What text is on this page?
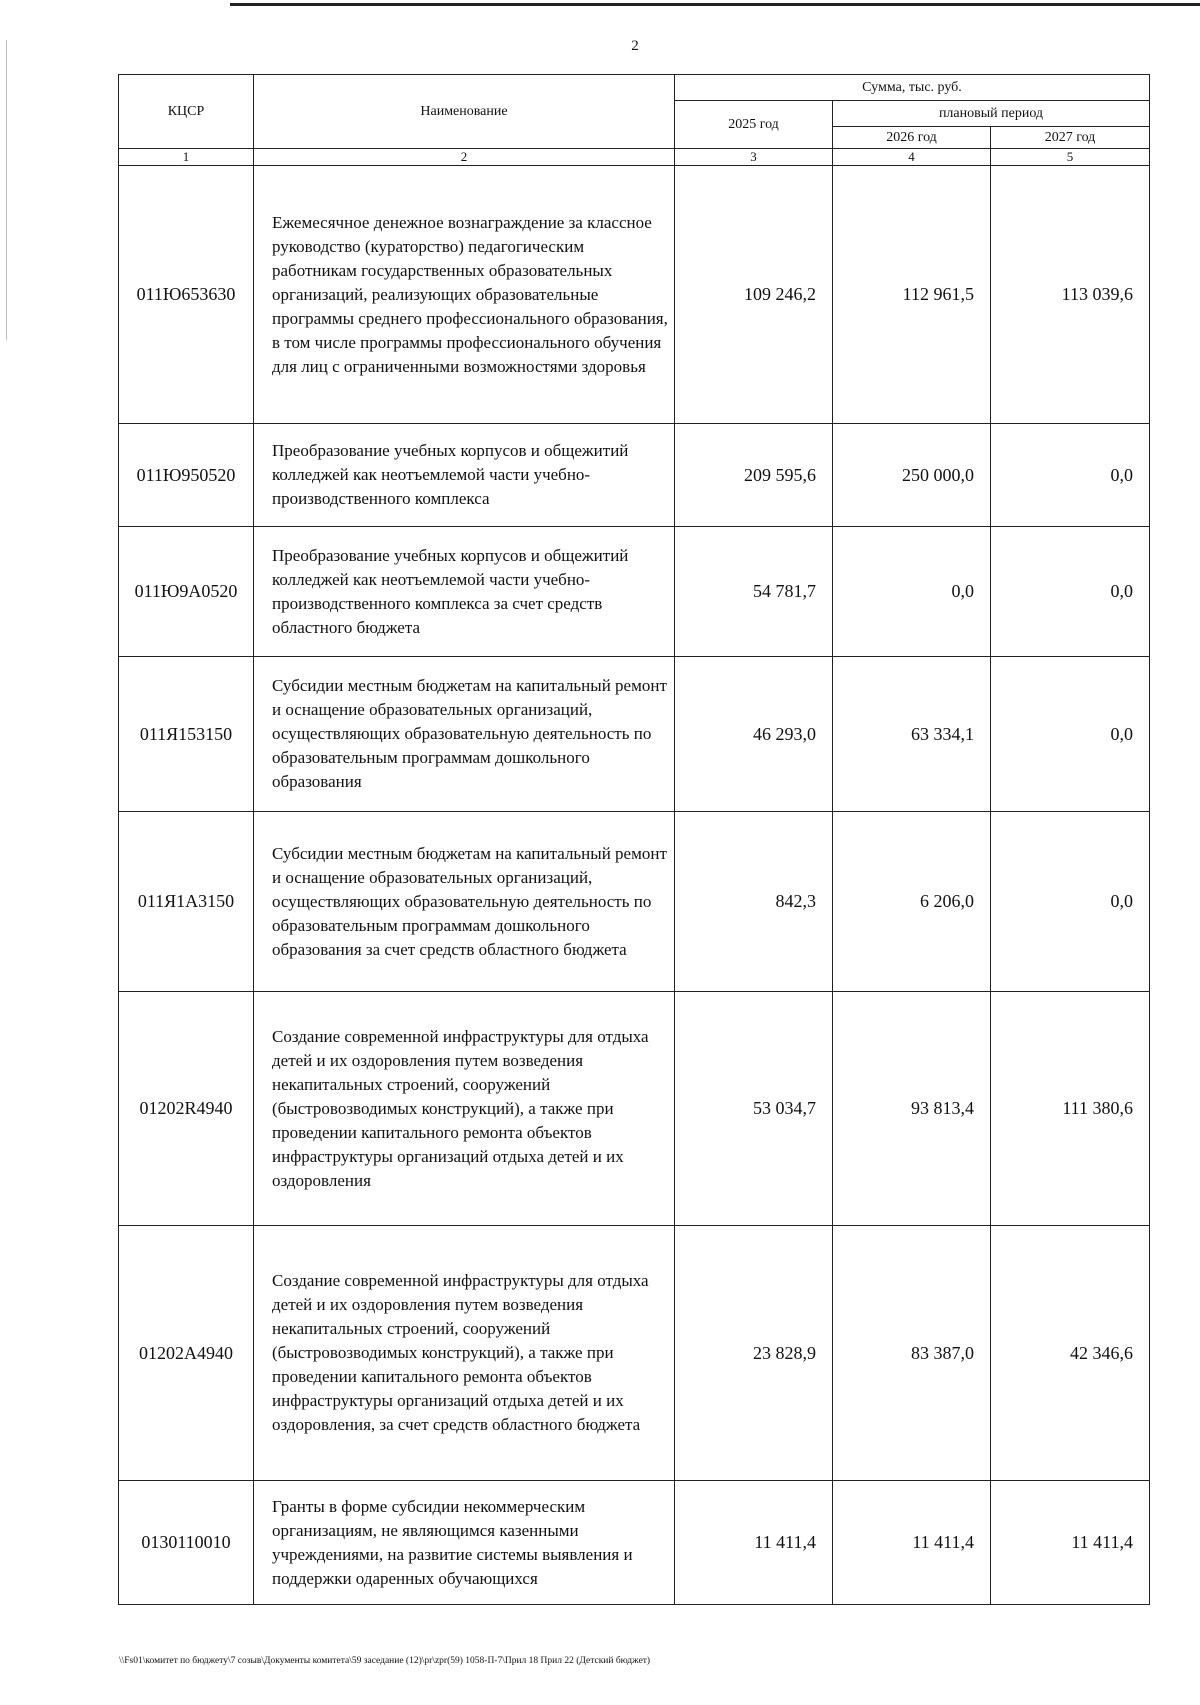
2
КЦСР	Наименование	Сумма, тыс. руб.		
		2025 год	плановый период	
			2026 год	2027 год
1	2	3	4	5
011Ю653630	Ежемесячное денежное вознаграждение за классное руководство (кураторство) педагогическим работникам государственных образовательных организаций, реализующих образовательные программы среднего профессионального образования, в том числе программы профессионального обучения для лиц с ограниченными возможностями здоровья	109 246,2	112 961,5	113 039,6
011Ю950520	Преобразование учебных корпусов и общежитий колледжей как неотъемлемой части учебно-производственного комплекса	209 595,6	250 000,0	0,0
011Ю9А0520	Преобразование учебных корпусов и общежитий колледжей как неотъемлемой части учебно-производственного комплекса за счет средств областного бюджета	54 781,7	0,0	0,0
011Я153150	Субсидии местным бюджетам на капитальный ремонт и оснащение образовательных организаций, осуществляющих образовательную деятельность по образовательным программам дошкольного образования	46 293,0	63 334,1	0,0
011Я1А3150	Субсидии местным бюджетам на капитальный ремонт и оснащение образовательных организаций, осуществляющих образовательную деятельность по образовательным программам дошкольного образования за счет средств областного бюджета	842,3	6 206,0	0,0
01202R4940	Создание современной инфраструктуры для отдыха детей и их оздоровления путем возведения некапитальных строений, сооружений (быстровозводимых конструкций), а также при проведении капитального ремонта объектов инфраструктуры организаций отдыха детей и их оздоровления	53 034,7	93 813,4	111 380,6
01202А4940	Создание современной инфраструктуры для отдыха детей и их оздоровления путем возведения некапитальных строений, сооружений (быстровозводимых конструкций), а также при проведении капитального ремонта объектов инфраструктуры организаций отдыха детей и их оздоровления, за счет средств областного бюджета	23 828,9	83 387,0	42 346,6
0130110010	Гранты в форме субсидии некоммерческим организациям, не являющимся казенными учреждениями, на развитие системы выявления и поддержки одаренных обучающихся	11 411,4	11 411,4	11 411,4
\\Fs01\комитет по бюджету\7 созыв\Документы комитета\59 заседание (12)\pr\zpr(59) 1058-П-7\Прил 18 Прил 22 (Детский бюджет)
